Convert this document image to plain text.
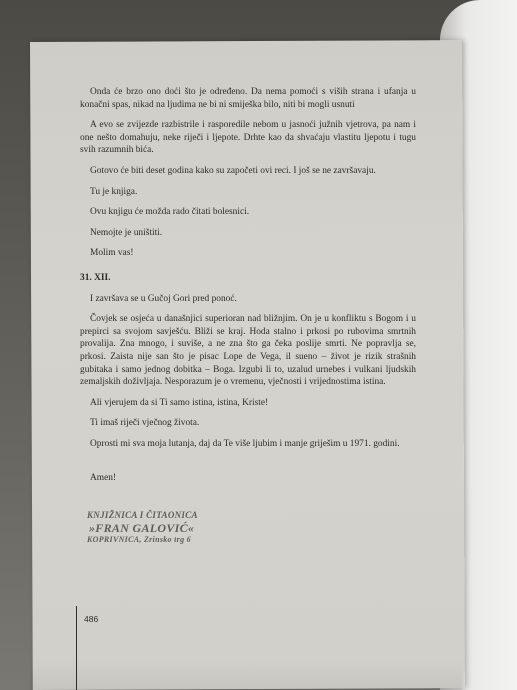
Onda će brzo ono doći što je određeno. Da nema pomoći s viših strana i ufanja u konačni spas, nikad na ljudima ne bi ni smiješka bilo, niti bi mogli usnuti

A evo se zvijezde razbistrile i rasporedile nebom u jasnoći južnih vjetrova, pa nam i one nešto domahuju, neke riječi i ljepote. Drhte kao da shvaćaju vlastitu ljepotu i tugu svih razumnih bića.

Gotovo će biti deset godina kako su započeti ovi reci. I još se ne završavaju.

Tu je knjiga.

Ovu knjigu će možda rado čitati bolesnici.

Nemojte je uništiti.

Molim vas!

31. XII.

I završava se u Gučoj Gori pred ponoć.

Čovjek se osjeća u današnjici superioran nad bližnjim. On je u konfliktu s Bogom i u prepirci sa svojom savješću. Bliži se kraj. Hoda stalno i prkosi po rubovima smrtnih provalija. Zna mnogo, i suviše, a ne zna što ga čeka poslije smrti. Ne popravlja se, prkosi. Zaista nije san što je pisac Lope de Vega, il sueno – život je rizik strašnih gubitaka i samo jednog dobitka – Boga. Izgubi li to, uzalud urnebes i vulkani ljudskih zemaljskih doživljaja. Nesporazum je o vremenu, vječnosti i vrijednostima istina.

Ali vjerujem da si Ti samo istina, istina, Kriste!

Ti imaš riječi vječnog života.

Oprosti mi sva moja lutanja, daj da Te više ljubim i manje griješim u 1971. godini.

Amen!

KNJIŽNICA I ČITAONICA
»FRAN GALOVIĆ«
KOPRIVNICA, Zrinsko trg 6
486
